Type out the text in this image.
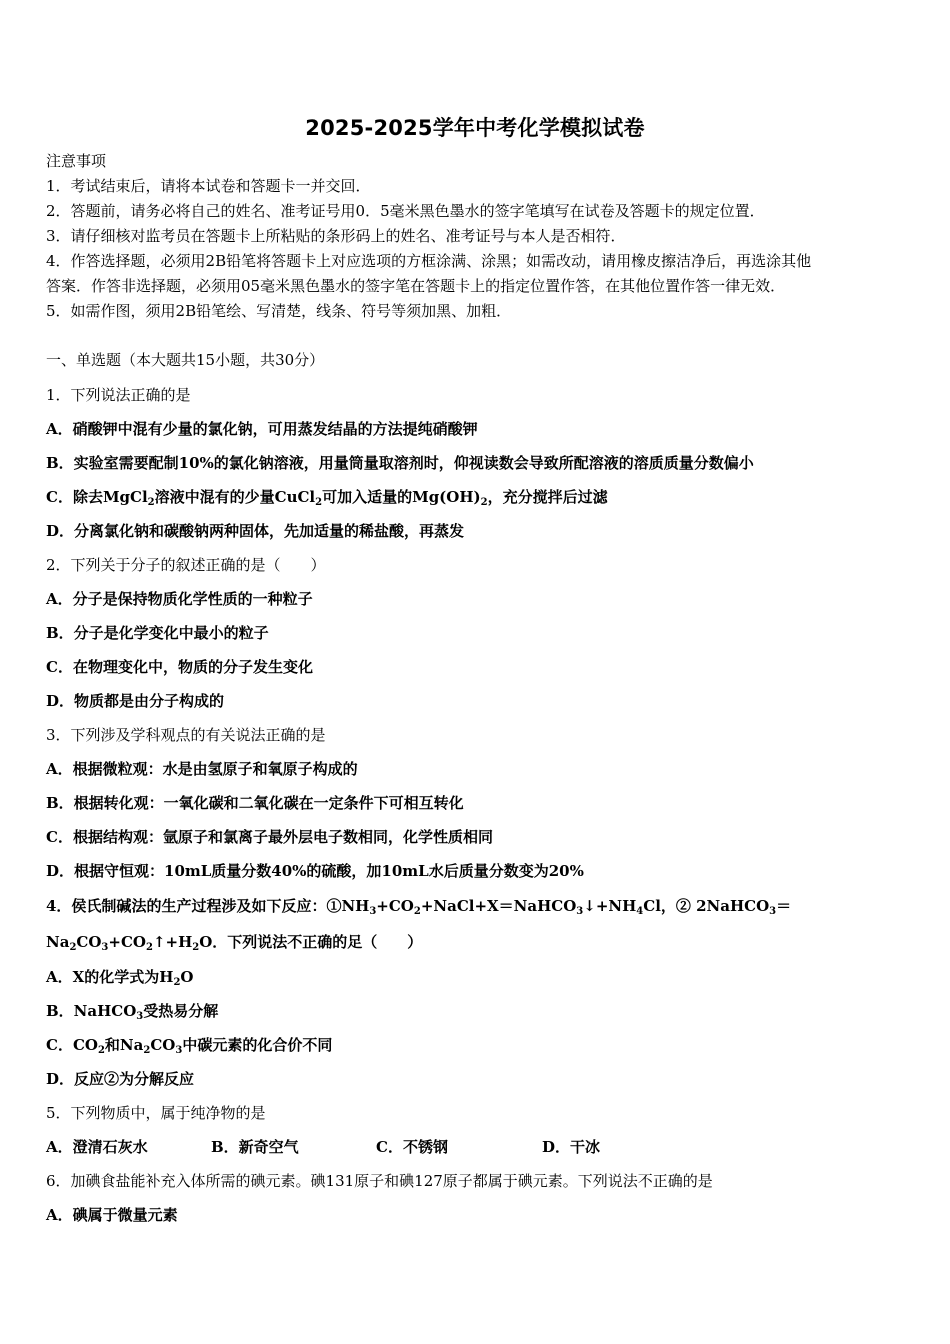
2025-2025学年中考化学模拟试卷
注意事项
1．考试结束后，请将本试卷和答题卡一并交回．
2．答题前，请务必将自己的姓名、准考证号用0．5毫米黑色墨水的签字笔填写在试卷及答题卡的规定位置．
3．请仔细核对监考员在答题卡上所粘贴的条形码上的姓名、准考证号与本人是否相符．
4．作答选择题，必须用2B铅笔将答题卡上对应选项的方框涂满、涂黑；如需改动，请用橡皮擦洁净后，再选涂其他
答案．作答非选择题，必须用05毫米黑色墨水的签字笔在答题卡上的指定位置作答，在其他位置作答一律无效．
5．如需作图，须用2B铅笔绘、写清楚，线条、符号等须加黑、加粗．
一、单选题（本大题共15小题，共30分）
1．下列说法正确的是
A．硝酸钾中混有少量的氯化钠，可用蒸发结晶的方法提纯硝酸钾
B．实验室需要配制10%的氯化钠溶液，用量筒量取溶剂时，仰视读数会导致所配溶液的溶质质量分数偏小
C．除去MgCl$_2$溶液中混有的少量CuCl$_2$可加入适量的$Mg(OH)_2$，充分搅拌后过滤
D．分离氯化钠和碳酸钠两种固体，先加适量的稀盐酸，再蒸发
2．下列关于分子的叙述正确的是（　　）
A．分子是保持物质化学性质的一种粒子
B．分子是化学变化中最小的粒子
C．在物理变化中，物质的分子发生变化
D．物质都是由分子构成的
3．下列涉及学科观点的有关说法正确的是
A．根据微粒观：水是由氢原子和氧原子构成的
B．根据转化观：一氧化碳和二氧化碳在一定条件下可相互转化
C．根据结构观：氩原子和氯离子最外层电子数相同，化学性质相同
D．根据守恒观：10mL质量分数40%的硫酸，加10mL水后质量分数变为20%
4．侯氏制碱法的生产过程涉及如下反应：$①NH_3+CO_2+NaCl+X=NaHCO_3↓+NH_4Cl$，② 2NaHCO$_3$＝
$Na_2CO_3+CO_2↑+H_2O$．下列说法不正确的足（　　）
A．X的化学式为$H_2O$
B．NaHCO$_3$受热易分解
C．$CO_2$和$Na_2CO_3$中碳元素的化合价不同
D．反应②为分解反应
5．下列物质中，属于纯净物的是
A．澄清石灰水	B．新奇空气	C．不锈钢	D．干冰
6．加碘食盐能补充入体所需的碘元素。碘131原子和碘127原子都属于碘元素。下列说法不正确的是
A．碘属于微量元素
